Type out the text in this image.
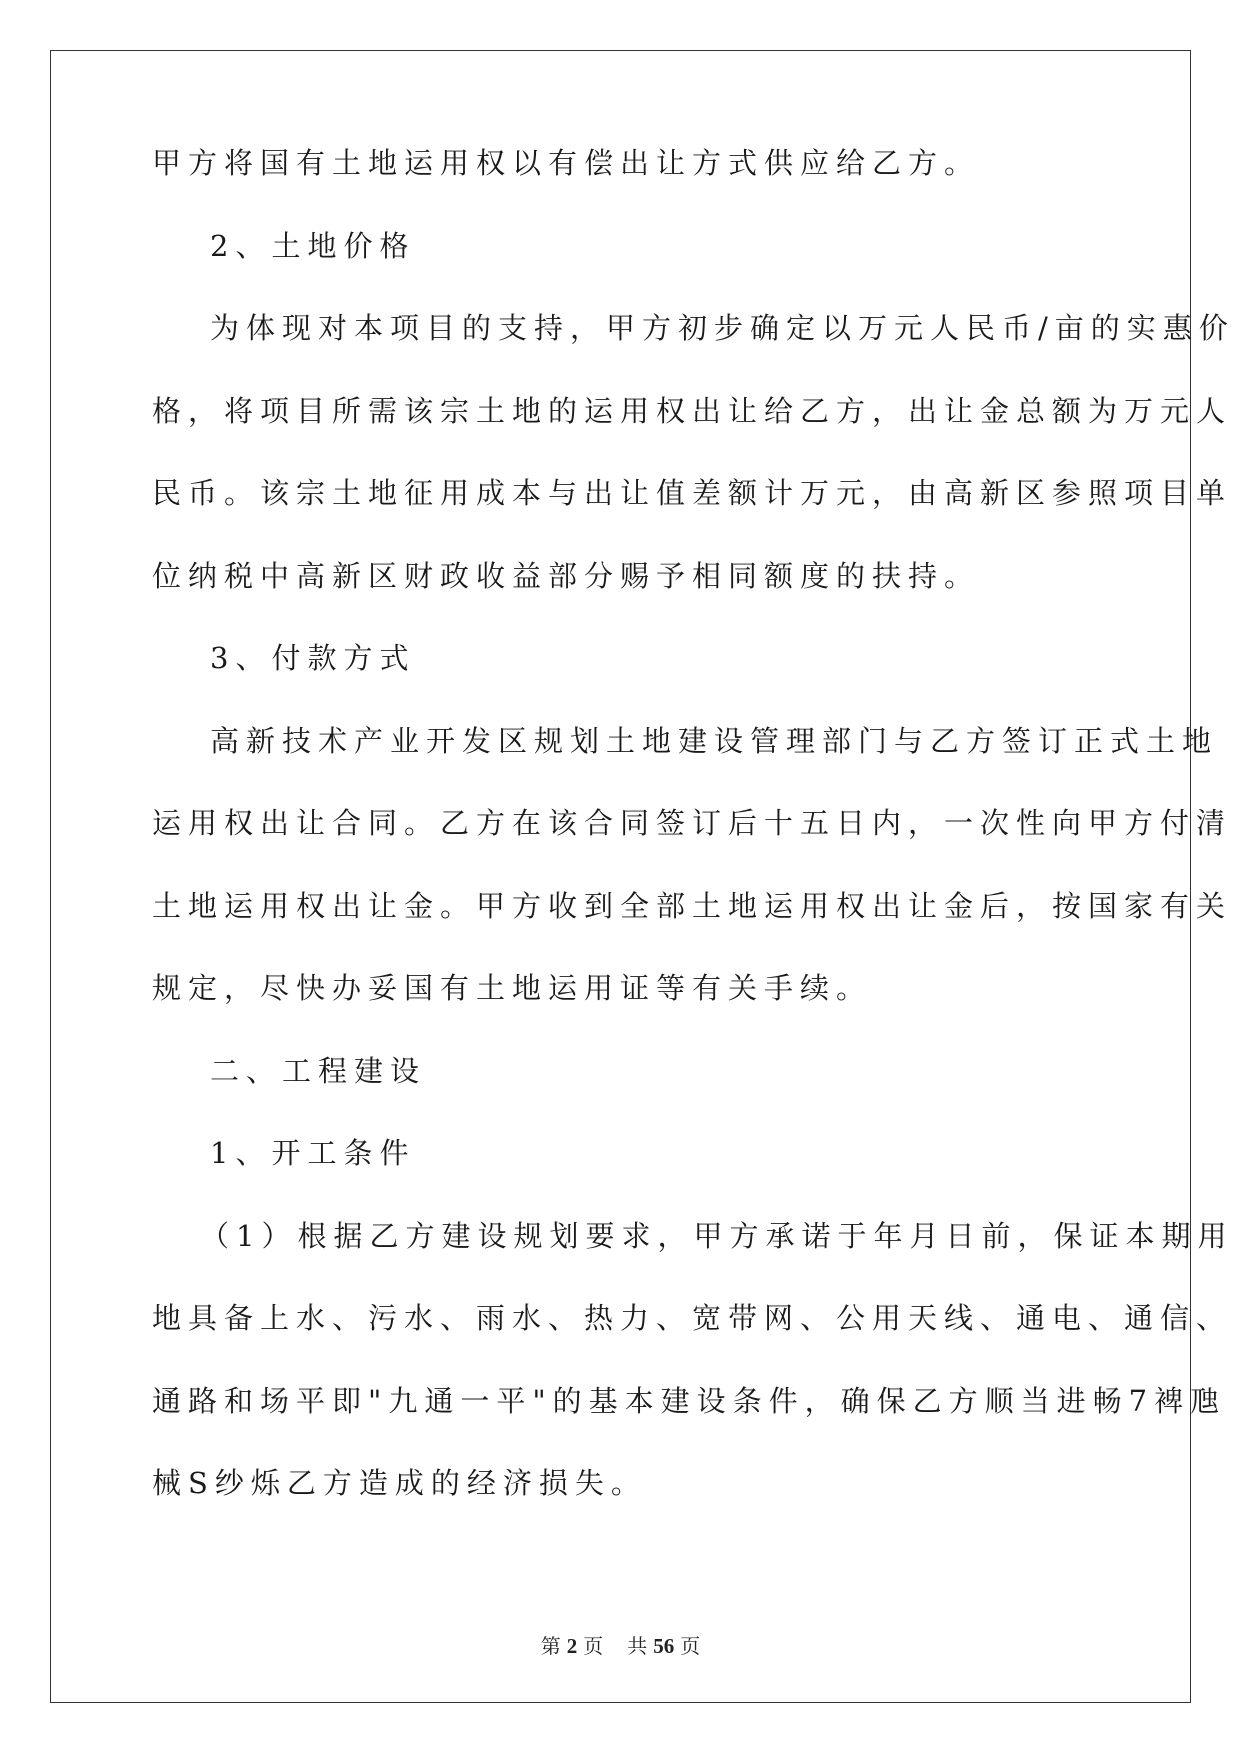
甲方将国有土地运用权以有偿出让方式供应给乙方。

2、土地价格

为体现对本项目的支持，甲方初步确定以万元人民币/亩的实惠价

格，将项目所需该宗土地的运用权出让给乙方，出让金总额为万元人

民币。该宗土地征用成本与出让值差额计万元，由高新区参照项目单

位纳税中高新区财政收益部分赐予相同额度的扶持。

3、付款方式

高新技术产业开发区规划土地建设管理部门与乙方签订正式土地

运用权出让合同。乙方在该合同签订后十五日内，一次性向甲方付清

土地运用权出让金。甲方收到全部土地运用权出让金后，按国家有关

规定，尽快办妥国有土地运用证等有关手续。

二、工程建设

1、开工条件

（1）根据乙方建设规划要求，甲方承诺于年月日前，保证本期用

地具备上水、污水、雨水、热力、宽带网、公用天线、通电、通信、

通路和场平即"九通一平"的基本建设条件，确保乙方顺当进畅7裨虺

械S纱烁乙方造成的经济损失。

第 2 页 共 56 页
